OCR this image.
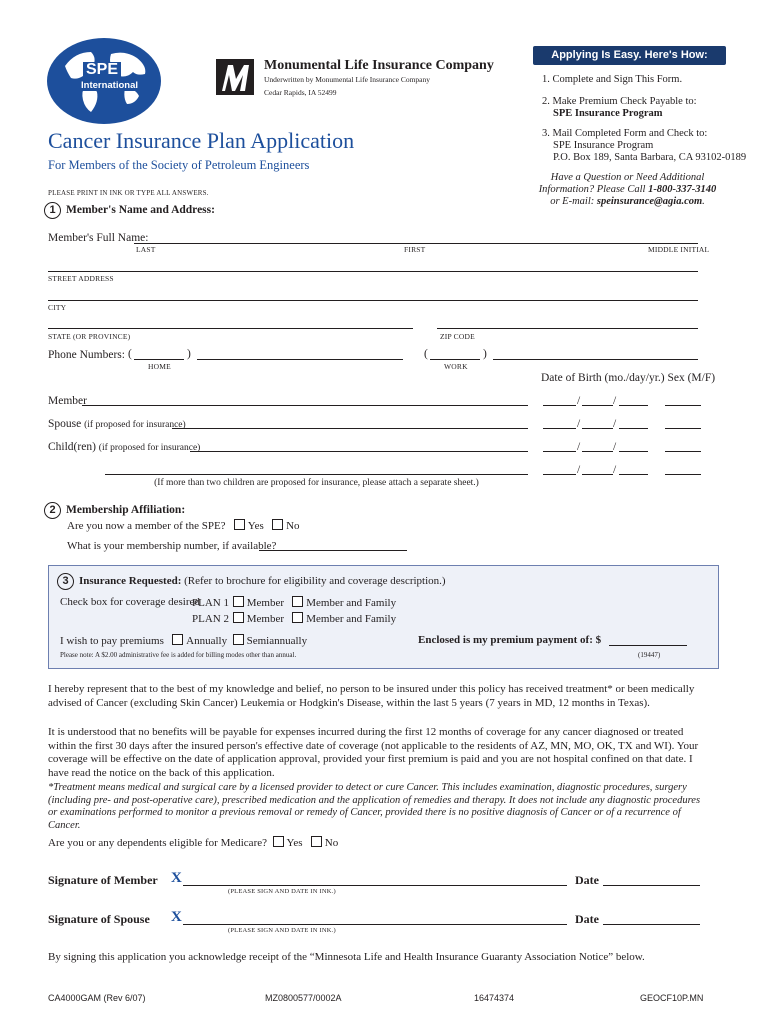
SPE
International
Monumental Life Insurance Company
Underwritten by Monumental Life Insurance Company
Cedar Rapids, IA 52499
Cancer Insurance Plan Application
For Members of the Society of Petroleum Engineers
PLEASE PRINT IN INK OR TYPE ALL ANSWERS.
Applying Is Easy. Here's How:
1. Complete and Sign This Form.
2. Make Premium Check Payable to:
SPE Insurance Program
3. Mail Completed Form and Check to:
SPE Insurance Program
P.O. Box 189, Santa Barbara, CA 93102-0189
Have a Question or Need Additional
Information? Please Call 1-800-337-3140
or E-mail: speinsurance@agia.com.
1 Member's Name and Address:
Member's Full Name:
LAST	FIRST	MIDDLE INITIAL
STREET ADDRESS
CITY
STATE (OR PROVINCE)	ZIP CODE
Phone Numbers: (	)
HOME
(	)
WORK
Date of Birth (mo./day/yr.) Sex (M/F)
Member	/	/
Spouse (if proposed for insurance)	/	/
Child(ren) (if proposed for insurance)	/	/
/	/
(If more than two children are proposed for insurance, please attach a separate sheet.)
2 Membership Affiliation:
Are you now a member of the SPE? Yes No
What is your membership number, if available?
3 Insurance Requested: (Refer to brochure for eligibility and coverage description.)
Check box for coverage desired
PLAN 1 Member Member and Family
PLAN 2 Member Member and Family
I wish to pay premiums Annually Semiannually	Enclosed is my premium payment of: $
Please note: A $2.00 administrative fee is added for billing modes other than annual.	(19447)
I hereby represent that to the best of my knowledge and belief, no person to be insured under this policy has received treatment* or been medically advised of Cancer (excluding Skin Cancer) Leukemia or Hodgkin's Disease, within the last 5 years (7 years in MD, 12 months in Texas).
It is understood that no benefits will be payable for expenses incurred during the first 12 months of coverage for any cancer diagnosed or treated within the first 30 days after the insured person's effective date of coverage (not applicable to the residents of AZ, MN, MO, OK, TX and WI). Your coverage will be effective on the date of application approval, provided your first premium is paid and you are not hospital confined on that date. I have read the notice on the back of this application.
*Treatment means medical and surgical care by a licensed provider to detect or cure Cancer. This includes examination, diagnostic procedures, surgery (including pre- and post-operative care), prescribed medication and the application of remedies and therapy. It does not include any diagnostic procedures or examinations performed to monitor a previous removal or remedy of Cancer, provided there is no positive diagnosis of Cancer or of a recurrence of Cancer.
Are you or any dependents eligible for Medicare? Yes No
Signature of Member X
(PLEASE SIGN AND DATE IN INK.)
Date
Signature of Spouse X
(PLEASE SIGN AND DATE IN INK.)
Date
By signing this application you acknowledge receipt of the “Minnesota Life and Health Insurance Guaranty Association Notice” below.
CA4000GAM (Rev 6/07)	MZ0800577/0002A	16474374	GEOCF10P.MN
